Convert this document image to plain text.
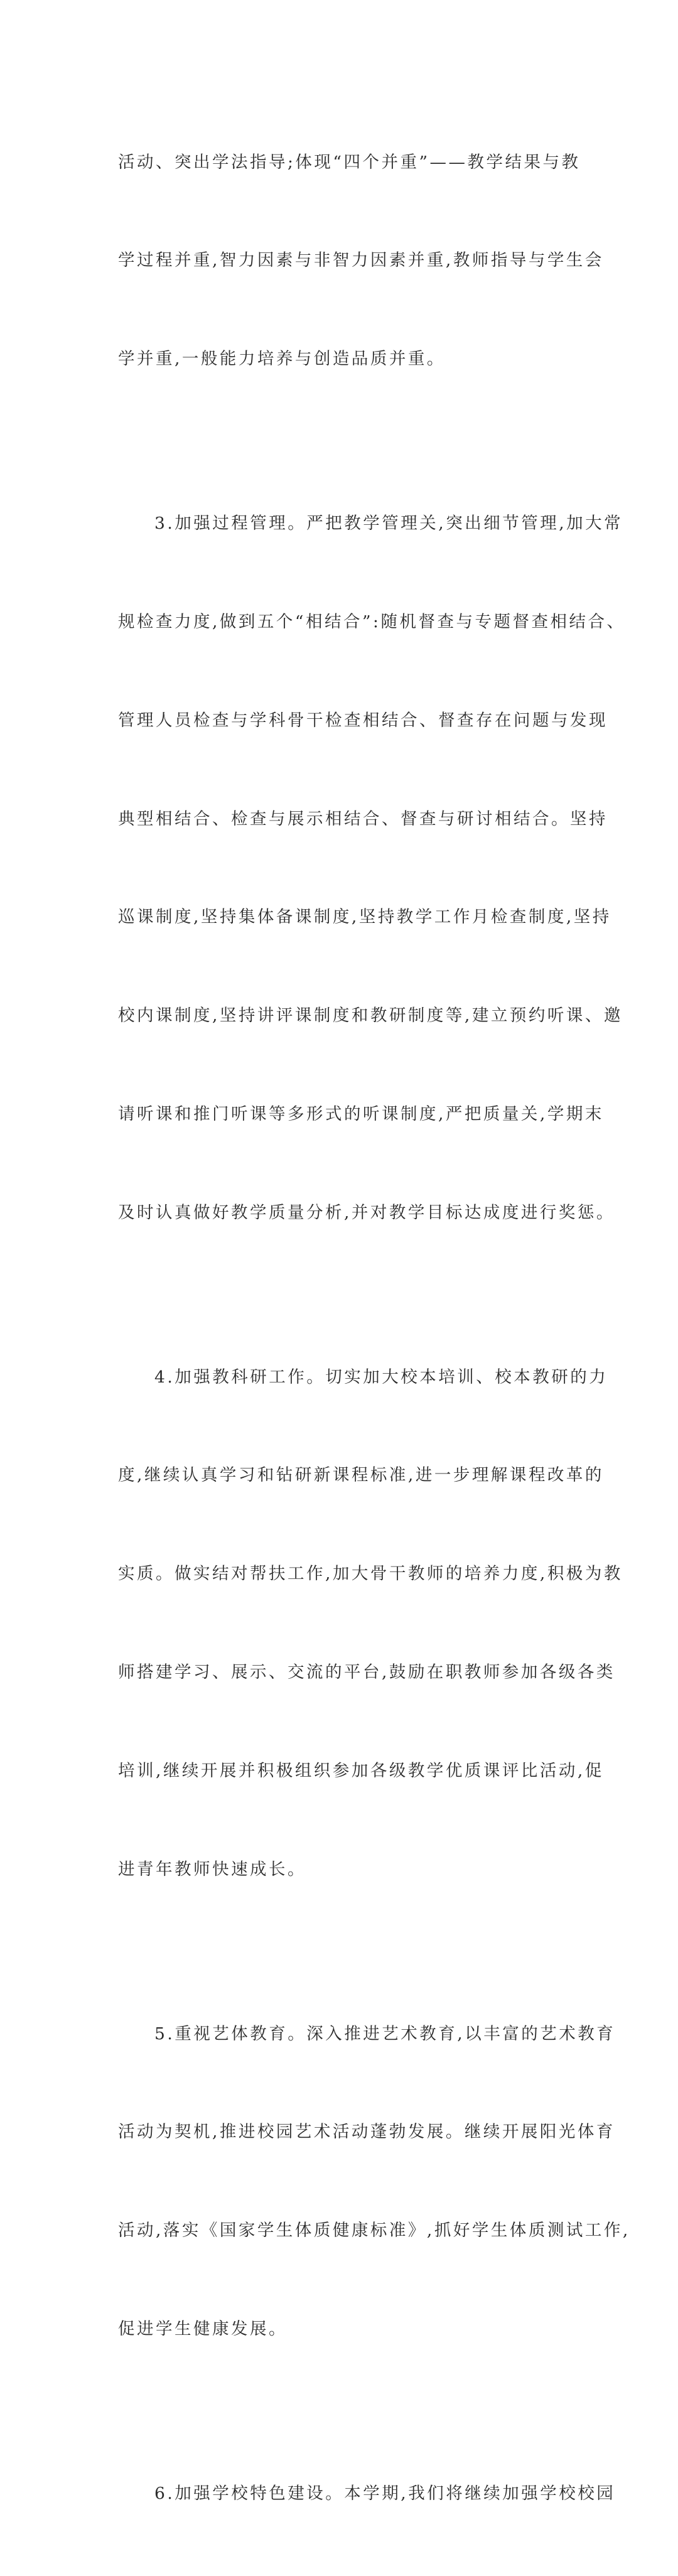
活动、突出学法指导;体现“四个并重”——教学结果与教

学过程并重,智力因素与非智力因素并重,教师指导与学生会

学并重,一般能力培养与创造品质并重。

3.加强过程管理。严把教学管理关,突出细节管理,加大常

规检查力度,做到五个“相结合”:随机督查与专题督查相结合、

管理人员检查与学科骨干检查相结合、督查存在问题与发现

典型相结合、检查与展示相结合、督查与研讨相结合。坚持

巡课制度,坚持集体备课制度,坚持教学工作月检查制度,坚持

校内课制度,坚持讲评课制度和教研制度等,建立预约听课、邀

请听课和推门听课等多形式的听课制度,严把质量关,学期末

及时认真做好教学质量分析,并对教学目标达成度进行奖惩。

4.加强教科研工作。切实加大校本培训、校本教研的力

度,继续认真学习和钻研新课程标准,进一步理解课程改革的

实质。做实结对帮扶工作,加大骨干教师的培养力度,积极为教

师搭建学习、展示、交流的平台,鼓励在职教师参加各级各类

培训,继续开展并积极组织参加各级教学优质课评比活动,促

进青年教师快速成长。

5.重视艺体教育。深入推进艺术教育,以丰富的艺术教育

活动为契机,推进校园艺术活动蓬勃发展。继续开展阳光体育

活动,落实《国家学生体质健康标准》,抓好学生体质测试工作,

促进学生健康发展。

6.加强学校特色建设。本学期,我们将继续加强学校校园
